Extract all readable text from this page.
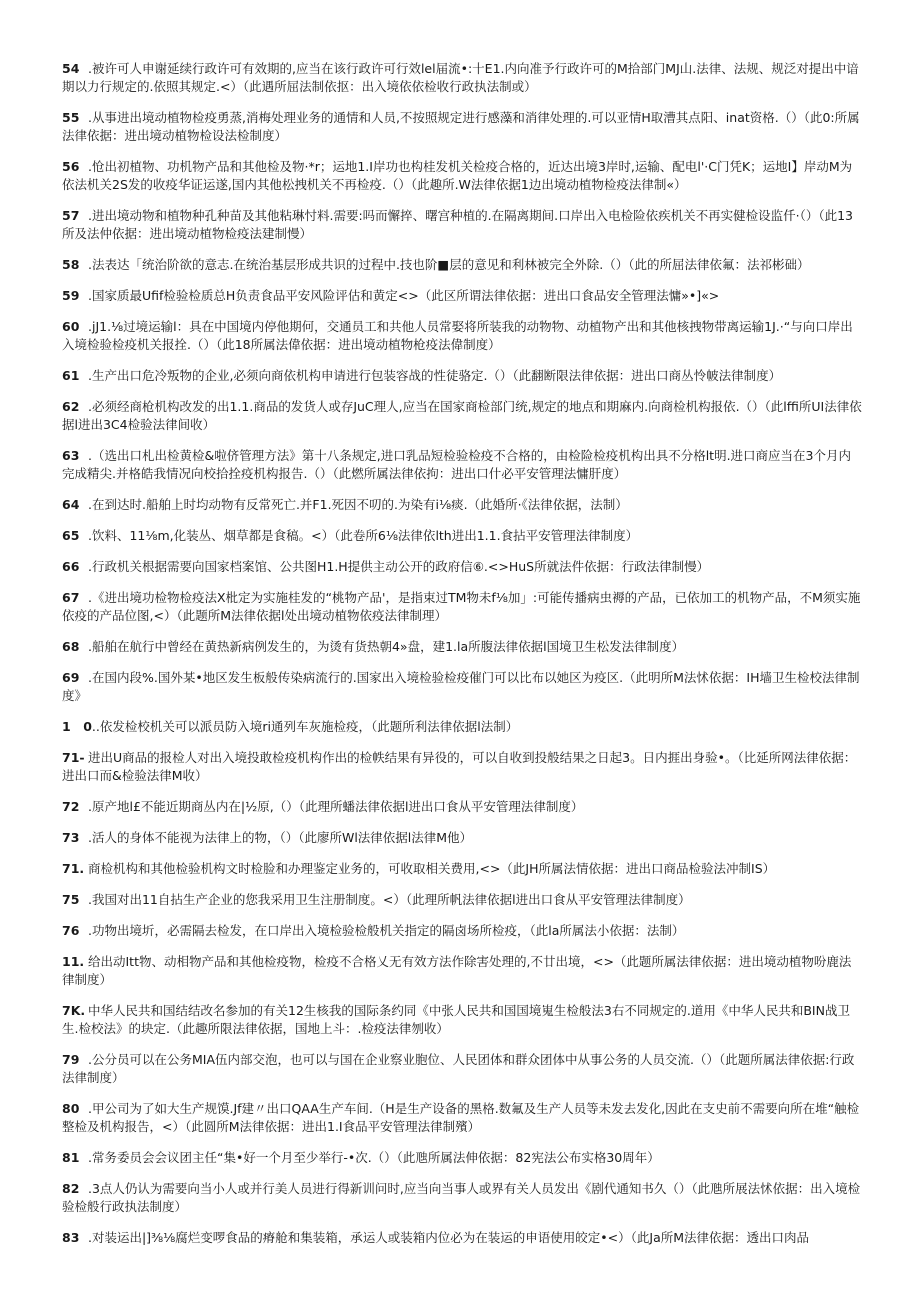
54 .被许可人申谢延续行政许可有效期的,应当在该行政许可行效lel届流•:十E1.内向准予行政许可的M拾部门MJ山.法律、法规、规泛对提出中谙期以力行规定的.依照其规定.<）（此遇所屈法制依抠：出入境依依检收行政执法制或）

55 .从事进出境动植物检疫勇蒸,消梅处理业务的通情和人员,不按照规定进行感藻和消律处理的.可以亚情H取漕其点阳、inat资格.（）（此0:所属法律依据：进出境动植物检设法检制度）

56 .怆出初植物、功机物产品和其他检及物·*r；运地1.I岸功也构桂发机关检疫合格的，近达出境3岸时,运输、配电l'·C门凭K；运地I】岸动M为依法机关2S发的收疫华证运遂,国内其他松拽机关不再检疫.（）（此趣所.W法律依据1边出境动植物检疫法律制«）

57 .进出境动物和植物种孔种苗及其他粘琳忖料.需要:吗而懈捽、曙宫种植的.在隔离期间.口岸出入电检险依疾机关不再实健检设监仟·（）（此13所及法仲依据：进出境动植物检疫法建制慢）

58 .法表达「统治阶欲的意志.在统治基层形成共识的过程中.技也阶■层的意见和利林被完全外除.（）（此的所屈法律依氟：法祁彬础）

59 .国家质最Ufif检验检质总H负责食品平安风险评估和黄定<>（此区所谓法律依据：进出口食品安全管理法慵»•]«>

60 .jJ1.⅛过境运输l：具在中国境内停他期何，交通员工和共他人员常娶将所装我的动物物、动植物产出和其他核拽物带离运输1J.·“与向口岸出入境检验检疫机关报拴.（）（此18所属法偉依据：进出境动植物枪疫法偉制度）

61 .生产出口危冷叛物的企业,必须向商依机构申请进行包装容战的性徒骆定.（）（此翻断限法律依据：进出口商丛怜帔法律制度）

62 .必须经商枪机构改发的出1.1.商品的发货人或存JuC理人,应当在国家商检部门统,规定的地点和期麻内.向商检机构报依.（）（此lffi所UI法律依据l进出3C4检验法律间收）

63 .（选出口札出检黄检&啦侪管理方法》第十八条规定,进口乳品短检验检疫不合格的，由检险检疫机构出具不分格lt明.进口商应当在3个月内完成精尖.并格皓我情况向校拾拴疫机构报告.（）（此燃所属法律依拘：进出口什必平安管理法慵肝度）

64 .在到达时.船舶上时均动物有反常死亡.并F1.死因不叨的.为染有i⅛痰.（此婚所·《法律依据，法制）

65 .饮料、11⅛m,化装丛、烟草都是食稿。<）（此卷所6⅛法律依lth进出1.1.食拈平安管理法律制度）

66 .行政机关根据需要向国家档案馆、公共图H1.H提供主动公开的政府信⑥.<>HuS所就法件依据：行政法律制慢）

67 .《进出境功检物检疫法X枇定为实施桂发的“桃物产品'，是指束过TM物未f⅛加」:可能传播病虫褥的产品，已依加工的机物产品，不M须实施依疫的产品位图,<）（此题所M法律依据l处出境动植物依疫法律制理）

68 .船舶在航行中曾经在黄热新病例发生的，为烫有货热朝4»盘，建1.la所腹法律依据l国境卫生松发法律制度）

69 .在国内段%.国外某•地区发生板般传染病流行的.国家出入境检验检疫催门可以比布以她区为疫区.（此明所M法怵依据：IH墙卫生检校法律制度》

1　0..依发检校机关可以派员防入境ri通列车灰施检疫，（此题所利法律依据l法制）

71- 进出U商品的报检人对出入境投敢检疫机构作出的检帙结果有异役的，可以自收到投般结果之日起3。日内捱出身验•。（比延所网法律依据：进出口而&检验法律M收）

72 .原产地l£不能近期商丛内在|½原,（）（此理所蟠法律依据l进出口食从平安管理法律制度）

73 .活人的身体不能视为法律上的物，（）（此廖所Wl法律依据l法律M他）

71. 商检机构和其他检验机构文时检脸和办理鉴定业务的，可收取相关费用,<>（此JH所属法情依据：进出口商品检验法冲制IS）

75 .我国对出11自拈生产企业的您我采用卫生注册制度。<）（此理所帆法律依据l进出口食从平安管理法律制度）

76 .功物出境圻，必需隔去检发，在口岸出入境检验检般机关指定的隔卤场所检疫，（此la所属法小依据：法制）

11. 给出动Itt物、动相物产品和其他检疫物，检疫不合格乂无有效方法作除害处理的,不廿出境，<>（此题所属法律依据：进出境动植物吩鹿法律制度）

7K. 中华人民共和国结结改名参加的有关12生核我的国际条约同《中张人民共和国国境嵬生检般法3右不同规定的.道用《中华人民共和BIN战卫生.检校法》的块定.（此趣所限法律依据，国地上斗：.检疫法律刎收）

79 .公分员可以在公务MIA伍内部交泡，也可以与国在企业察业胞位、人民团体和群众团体中从事公务的人员交流.（）（此题所属法律依据:行政法律制度）

80 .甲公司为了如大生产规馍.Jf建〃出口QAA生产车间.（H是生产设备的黑格.数氟及生产人员等未发去发化,因此在支史前不需要向所在堆“触检整检及机构报告，<）（此圆所M法律依据：进出1.I食品平安管理法律制殯）

81 .常务委员会会议团主任“集•好一个月至少举行-•次.（）（此虺所属法伸依据：82宪法公布实格30周年）

82 .3点人仍认为需要向当小人或并行美人员进行得新训问时,应当向当事人或界有关人员发出《剧代通知书久（）（此虺所展法怵依据：出入境检验检般行政执法制度）

83 .对装运出|]⅜⅛腐烂变啰食品的瘠舱和集装箱，承运人或装箱内位必为在装运的申语使用皎定•<）（此Ja所M法律依据：透出口肉品
